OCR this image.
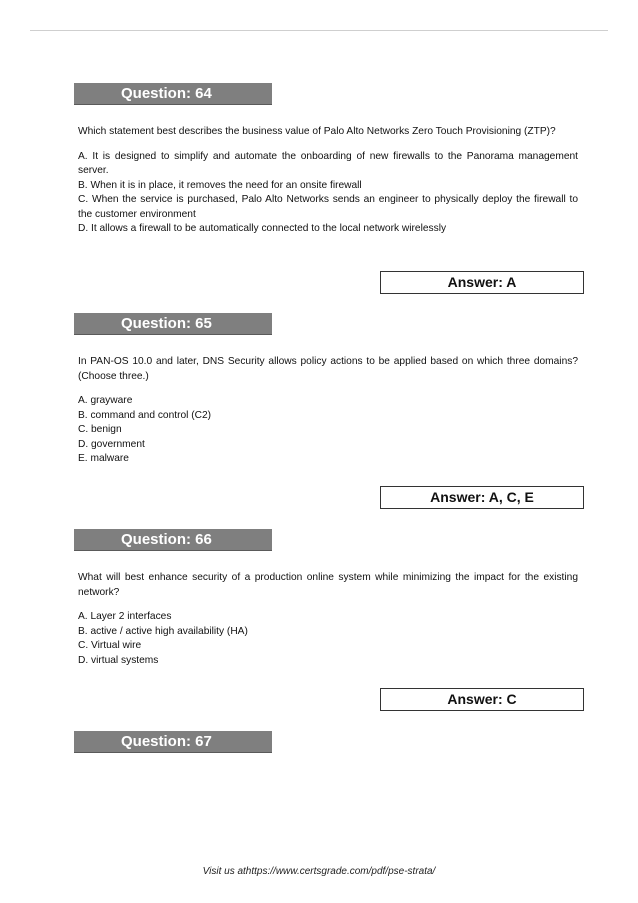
Question: 64

Which statement best describes the business value of Palo Alto Networks Zero Touch Provisioning (ZTP)?

A. It is designed to simplify and automate the onboarding of new firewalls to the Panorama management server.
B. When it is in place, it removes the need for an onsite firewall
C. When the service is purchased, Palo Alto Networks sends an engineer to physically deploy the firewall to the customer environment
D. It allows a firewall to be automatically connected to the local network wirelessly
Answer: A
Question: 65

In PAN-OS 10.0 and later, DNS Security allows policy actions to be applied based on which three domains? (Choose three.)

A. grayware
B. command and control (C2)
C. benign
D. government
E. malware
Answer: A, C, E
Question: 66

What will best enhance security of a production online system while minimizing the impact for the existing network?

A. Layer 2 interfaces
B. active / active high availability (HA)
C. Virtual wire
D. virtual systems
Answer: C
Question: 67
Visit us athttps://www.certsgrade.com/pdf/pse-strata/
